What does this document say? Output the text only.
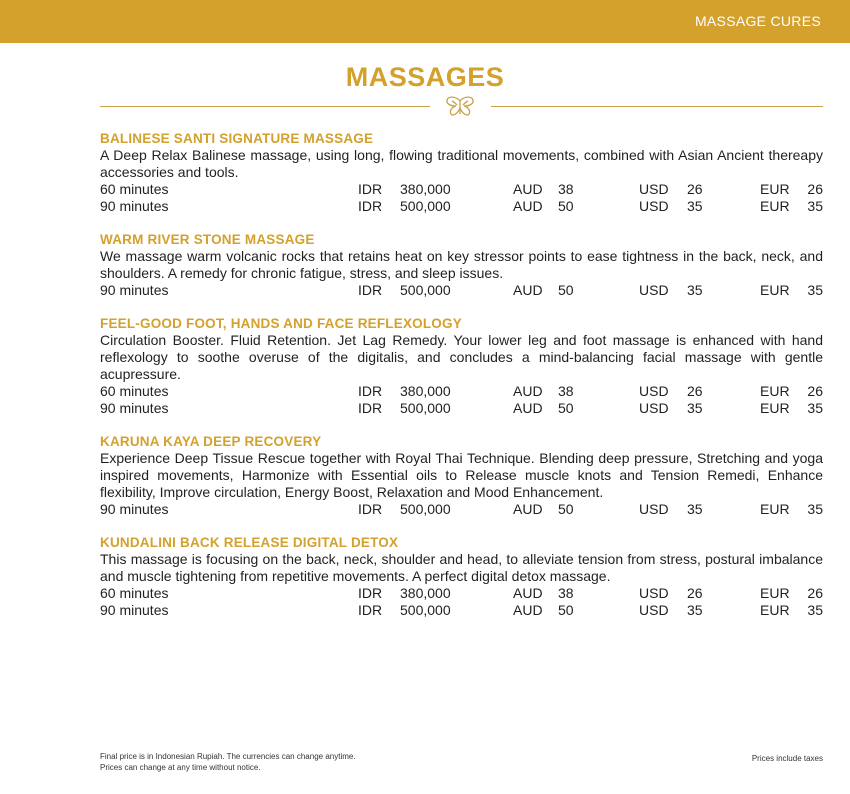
MASSAGE CURES
MASSAGES
BALINESE SANTI SIGNATURE MASSAGE
A Deep Relax Balinese massage, using long, flowing traditional movements, combined with Asian Ancient thereapy accessories and tools.
60 minutes	IDR 380,000	AUD 38	USD 26	EUR 26
90 minutes	IDR 500,000	AUD 50	USD 35	EUR 35
WARM RIVER STONE MASSAGE
We massage warm volcanic rocks that retains heat on key stressor points to ease tightness in the back, neck, and shoulders. A remedy for chronic fatigue, stress, and sleep issues.
90 minutes	IDR 500,000	AUD 50	USD 35	EUR 35
FEEL-GOOD FOOT, HANDS AND FACE REFLEXOLOGY
Circulation Booster. Fluid Retention. Jet Lag Remedy. Your lower leg and foot massage is enhanced with hand reflexology to soothe overuse of the digitalis, and concludes a mind-balancing facial massage with gentle acupressure.
60 minutes	IDR 380,000	AUD 38	USD 26	EUR 26
90 minutes	IDR 500,000	AUD 50	USD 35	EUR 35
KARUNA KAYA DEEP RECOVERY
Experience Deep Tissue Rescue together with Royal Thai Technique. Blending deep pressure, Stretching and yoga inspired movements, Harmonize with Essential oils to Release muscle knots and Tension Remedi, Enhance flexibility, Improve circulation, Energy Boost, Relaxation and Mood Enhancement.
90 minutes	IDR 500,000	AUD 50	USD 35	EUR 35
KUNDALINI BACK RELEASE DIGITAL DETOX
This massage is focusing on the back, neck, shoulder and head, to alleviate tension from stress, postural imbalance and muscle tightening from repetitive movements. A perfect digital detox massage.
60 minutes	IDR 380,000	AUD 38	USD 26	EUR 26
90 minutes	IDR 500,000	AUD 50	USD 35	EUR 35
Final price is in Indonesian Rupiah. The currencies can change anytime.
Prices can change at any time without notice.
Prices include taxes
